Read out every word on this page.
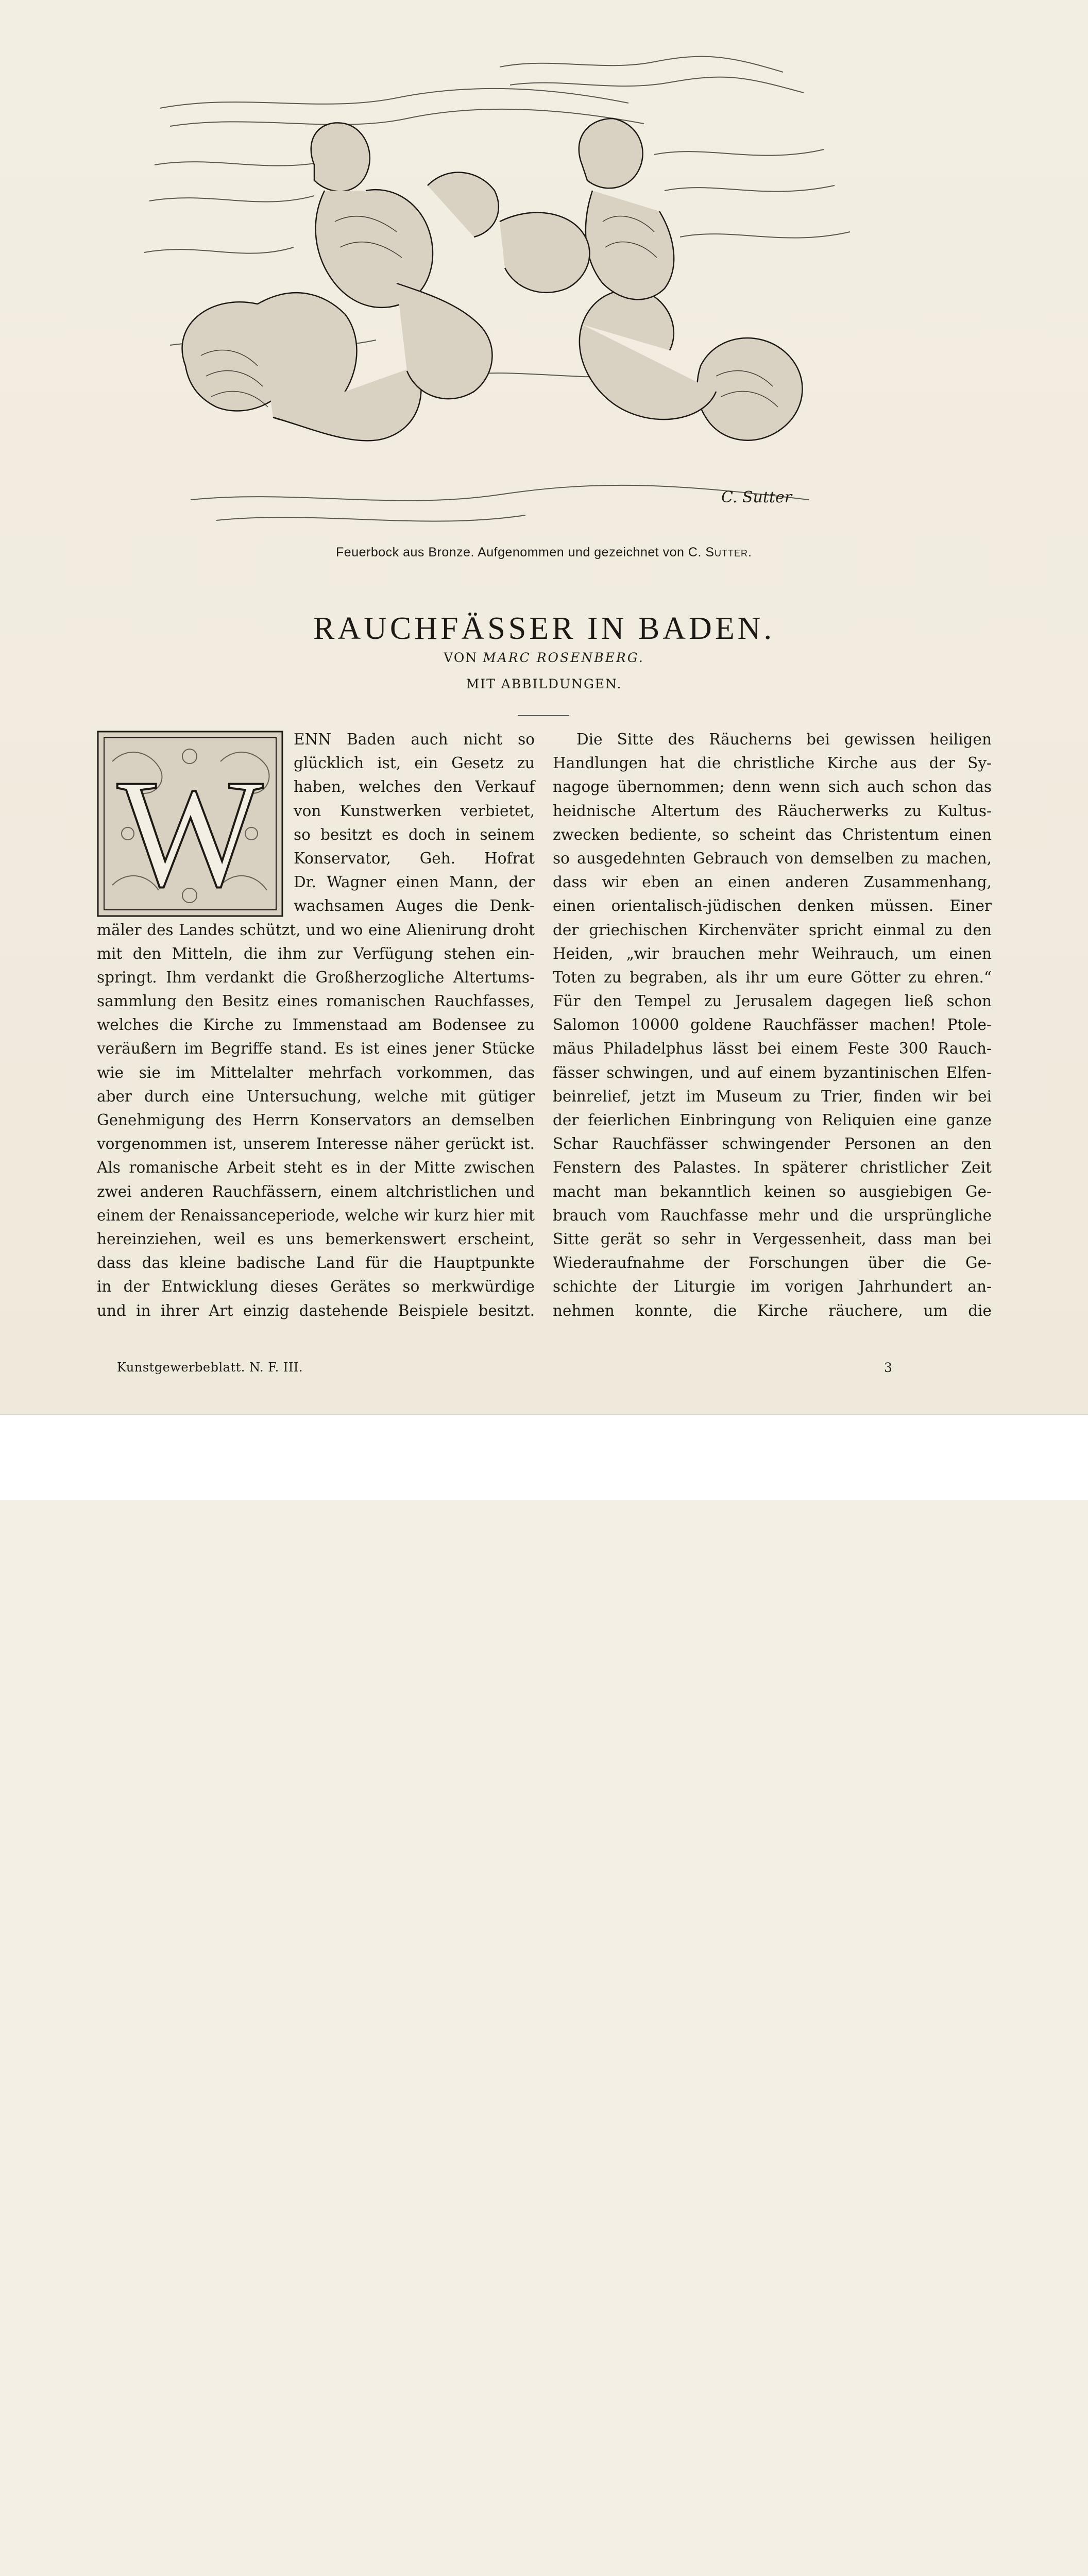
C. Sutter
Feuerbock aus Bronze. Aufgenommen und gezeichnet von C. Sutter.
RAUCHFÄSSER IN BADEN.
VON MARC ROSENBERG.
MIT ABBILDUNGEN.
W
ENN Baden auch nicht so
glücklich ist, ein Gesetz zu
haben, welches den Verkauf
von Kunstwerken verbietet,
so besitzt es doch in seinem
Konservator, Geh. Hofrat
Dr. Wagner einen Mann, der
wachsamen Auges die Denk-
mäler des Landes schützt, und wo eine Alienirung droht
mit den Mitteln, die ihm zur Verfügung stehen ein-
springt. Ihm verdankt die Großherzogliche Altertums-
sammlung den Besitz eines romanischen Rauchfasses,
welches die Kirche zu Immenstaad am Bodensee zu
veräußern im Begriffe stand. Es ist eines jener Stücke
wie sie im Mittelalter mehrfach vorkommen, das
aber durch eine Untersuchung, welche mit gütiger
Genehmigung des Herrn Konservators an demselben
vorgenommen ist, unserem Interesse näher gerückt ist.
Als romanische Arbeit steht es in der Mitte zwischen
zwei anderen Rauchfässern, einem altchristlichen und
einem der Renaissanceperiode, welche wir kurz hier mit
hereinziehen, weil es uns bemerkenswert erscheint,
dass das kleine badische Land für die Hauptpunkte
in der Entwicklung dieses Gerätes so merkwürdige
und in ihrer Art einzig dastehende Beispiele besitzt.
Die Sitte des Räucherns bei gewissen heiligen
Handlungen hat die christliche Kirche aus der Sy-
nagoge übernommen; denn wenn sich auch schon das
heidnische Altertum des Räucherwerks zu Kultus-
zwecken bediente, so scheint das Christentum einen
so ausgedehnten Gebrauch von demselben zu machen,
dass wir eben an einen anderen Zusammenhang,
einen orientalisch-jüdischen denken müssen. Einer
der griechischen Kirchenväter spricht einmal zu den
Heiden, „wir brauchen mehr Weihrauch, um einen
Toten zu begraben, als ihr um eure Götter zu ehren.“
Für den Tempel zu Jerusalem dagegen ließ schon
Salomon 10000 goldene Rauchfässer machen! Ptole-
mäus Philadelphus lässt bei einem Feste 300 Rauch-
fässer schwingen, und auf einem byzantinischen Elfen-
beinrelief, jetzt im Museum zu Trier, finden wir bei
der feierlichen Einbringung von Reliquien eine ganze
Schar Rauchfässer schwingender Personen an den
Fenstern des Palastes. In späterer christlicher Zeit
macht man bekanntlich keinen so ausgiebigen Ge-
brauch vom Rauchfasse mehr und die ursprüngliche
Sitte gerät so sehr in Vergessenheit, dass man bei
Wiederaufnahme der Forschungen über die Ge-
schichte der Liturgie im vorigen Jahrhundert an-
nehmen konnte, die Kirche räuchere, um die
Kunstgewerbeblatt. N. F. III.	3
